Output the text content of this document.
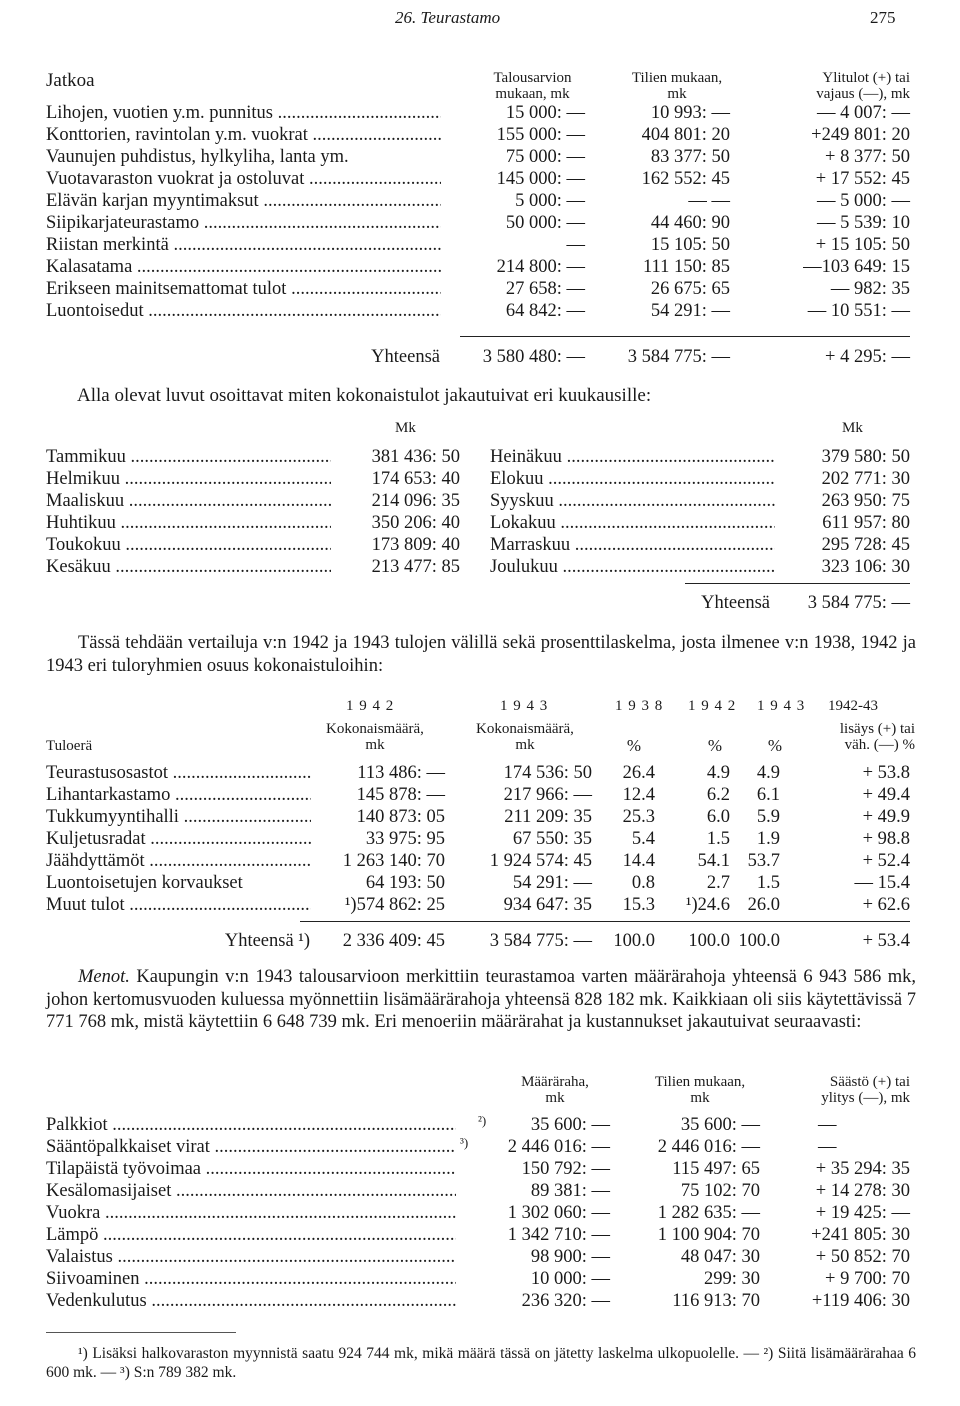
26. Teurastamo	275
Jatkoa	Talousarvion
mukaan, mk
Tilien mukaan,
mk
Ylitulot (+) tai
vajaus (—), mk
Lihojen, vuotien y.m. punnitus .....	15 000: —	10 993: —	— 4 007: —
Konttorien, ravintolan y.m. vuokrat .....	155 000: —	404 801: 20	+249 801: 20
Vaunujen puhdistus, hylkyliha, lanta ym.	75 000: —	83 377: 50	+ 8 377: 50
Vuotavaraston vuokrat ja ostoluvat .....	145 000: —	162 552: 45	+ 17 552: 45
Elävän karjan myyntimaksut .....	5 000: —	— —	— 5 000: —
Siipikarjateurastamo .....	50 000: —	44 460: 90	— 5 539: 10
Riistan merkintä .....	—	15 105: 50	+ 15 105: 50
Kalasatama .....	214 800: —	111 150: 85	—103 649: 15
Erikseen mainitsemattomat tulot .....	27 658: —	26 675: 65	— 982: 35
Luontoisedut .....	64 842: —	54 291: —	— 10 551: —
Yhteensä	3 580 480: —	3 584 775: —	+ 4 295: —
Alla olevat luvut osoittavat miten kokonaistulot jakautuivat eri kuukausille:
Mk	Mk
Tammikuu .....	381 436: 50 Heinäkuu .....	379 580: 50
Helmikuu .....	174 653: 40 Elokuu .....	202 771: 30
Maaliskuu .....	214 096: 35 Syyskuu .....	263 950: 75
Huhtikuu .....	350 206: 40 Lokakuu .....	611 957: 80
Toukokuu .....	173 809: 40 Marraskuu .....	295 728: 45
Kesäkuu .....	213 477: 85 Joulukuu .....	323 106: 30
Yhteensä	3 584 775: —
Tässä tehdään vertailuja v:n 1942 ja 1943 tulojen välillä sekä prosenttilaskelma, josta ilmenee v:n 1938, 1942 ja 1943 eri tuloryhmien osuus kokonaistuloihin:
1 9 4 2	1 9 4 3	1 9 3 8 1 9 4 2 1 9 4 3 1942-43
Tuloerä
Kokonaismäärä,
mk
Kokonaismäärä,
mk	%	%	%
lisäys (+) tai
väh. (—) %
Teurastusosastot .....	113 486: —	174 536: 50	26.4	4.9	4.9	+ 53.8
Lihantarkastamo .....	145 878: —	217 966: —	12.4	6.2	6.1	+ 49.4
Tukkumyyntihalli .....	140 873: 05	211 209: 35	25.3	6.0	5.9	+ 49.9
Kuljetusradat .....	33 975: 95	67 550: 35	5.4	1.5	1.9	+ 98.8
Jäähdyttämöt .....	1 263 140: 70	1 924 574: 45	14.4	54.1 53.7	+ 52.4
Luontoisetujen korvaukset	64 193: 50	54 291: —	0.8	2.7	1.5	— 15.4
Muut tulot .....	¹)574 862: 25	934 647: 35	15.3	¹)24.6 26.0	+ 62.6
Yhteensä ¹)	2 336 409: 45	3 584 775: —	100.0	100.0 100.0	+ 53.4
Menot. Kaupungin v:n 1943 talousarvioon merkittiin teurastamoa varten määrärahoja yhteensä 6 943 586 mk, johon kertomusvuoden kuluessa myönnettiin lisämäärärahoja yhteensä 828 182 mk. Kaikkiaan oli siis käytettävissä 7 771 768 mk, mistä käytettiin 6 648 739 mk. Eri menoeriin määrärahat ja kustannukset jakautuivat seuraavasti:
Määräraha,
mk
Tilien mukaan,
mk
Säästö (+) tai
ylitys (—), mk
Palkkiot .....	²)	35 600: —	35 600: —	—
Sääntöpalkkaiset virat .....	³)	2 446 016: —	2 446 016: —	—
Tilapäistä työvoimaa .....	150 792: —	115 497: 65	+ 35 294: 35
Kesälomasijaiset .....	89 381: —	75 102: 70	+ 14 278: 30
Vuokra .....	1 302 060: —	1 282 635: —	+ 19 425: —
Lämpö .....	1 342 710: —	1 100 904: 70	+241 805: 30
Valaistus .....	98 900: —	48 047: 30	+ 50 852: 70
Siivoaminen .....	10 000: —	299: 30	+ 9 700: 70
Vedenkulutus .....	236 320: —	116 913: 70	+119 406: 30
¹) Lisäksi halkovaraston myynnistä saatu 924 744 mk, mikä määrä tässä on jätetty laskelma ulkopuolelle. — ²) Siitä lisämäärärahaa 6 600 mk. — ³) S:n 789 382 mk.
